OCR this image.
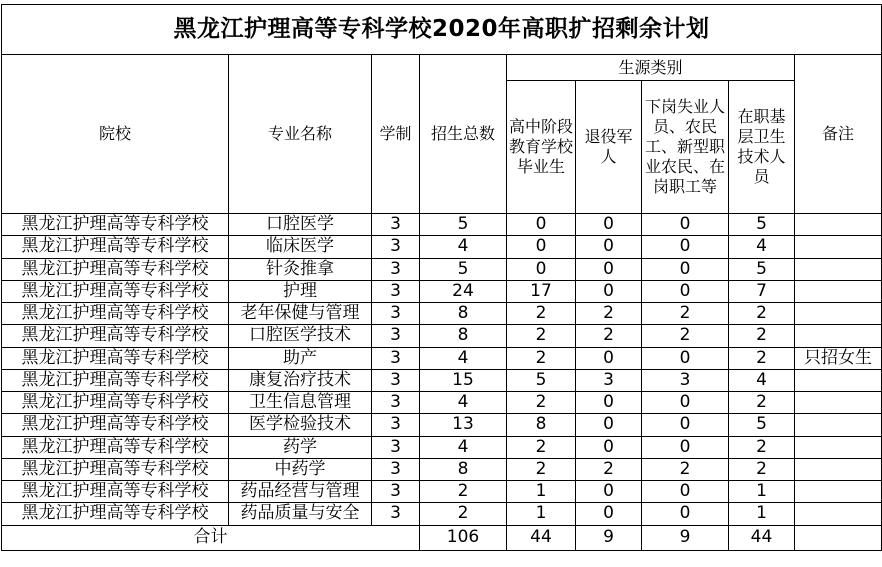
黑龙江护理高等专科学校2020年高职扩招剩余计划								
院校	专业名称	学制	招生总数	生源类别				备注
				高中阶段教育学校毕业生	退役军人	下岗失业人员、农民工、新型职业农民、在岗职工等	在职基层卫生技术人员	
黑龙江护理高等专科学校	口腔医学	3	5	0	0	0	5	
黑龙江护理高等专科学校	临床医学	3	4	0	0	0	4	
黑龙江护理高等专科学校	针灸推拿	3	5	0	0	0	5	
黑龙江护理高等专科学校	护理	3	24	17	0	0	7	
黑龙江护理高等专科学校	老年保健与管理	3	8	2	2	2	2	
黑龙江护理高等专科学校	口腔医学技术	3	8	2	2	2	2	
黑龙江护理高等专科学校	助产	3	4	2	0	0	2	只招女生
黑龙江护理高等专科学校	康复治疗技术	3	15	5	3	3	4	
黑龙江护理高等专科学校	卫生信息管理	3	4	2	0	0	2	
黑龙江护理高等专科学校	医学检验技术	3	13	8	0	0	5	
黑龙江护理高等专科学校	药学	3	4	2	0	0	2	
黑龙江护理高等专科学校	中药学	3	8	2	2	2	2	
黑龙江护理高等专科学校	药品经营与管理	3	2	1	0	0	1	
黑龙江护理高等专科学校	药品质量与安全	3	2	1	0	0	1	
合计			106	44	9	9	44	
